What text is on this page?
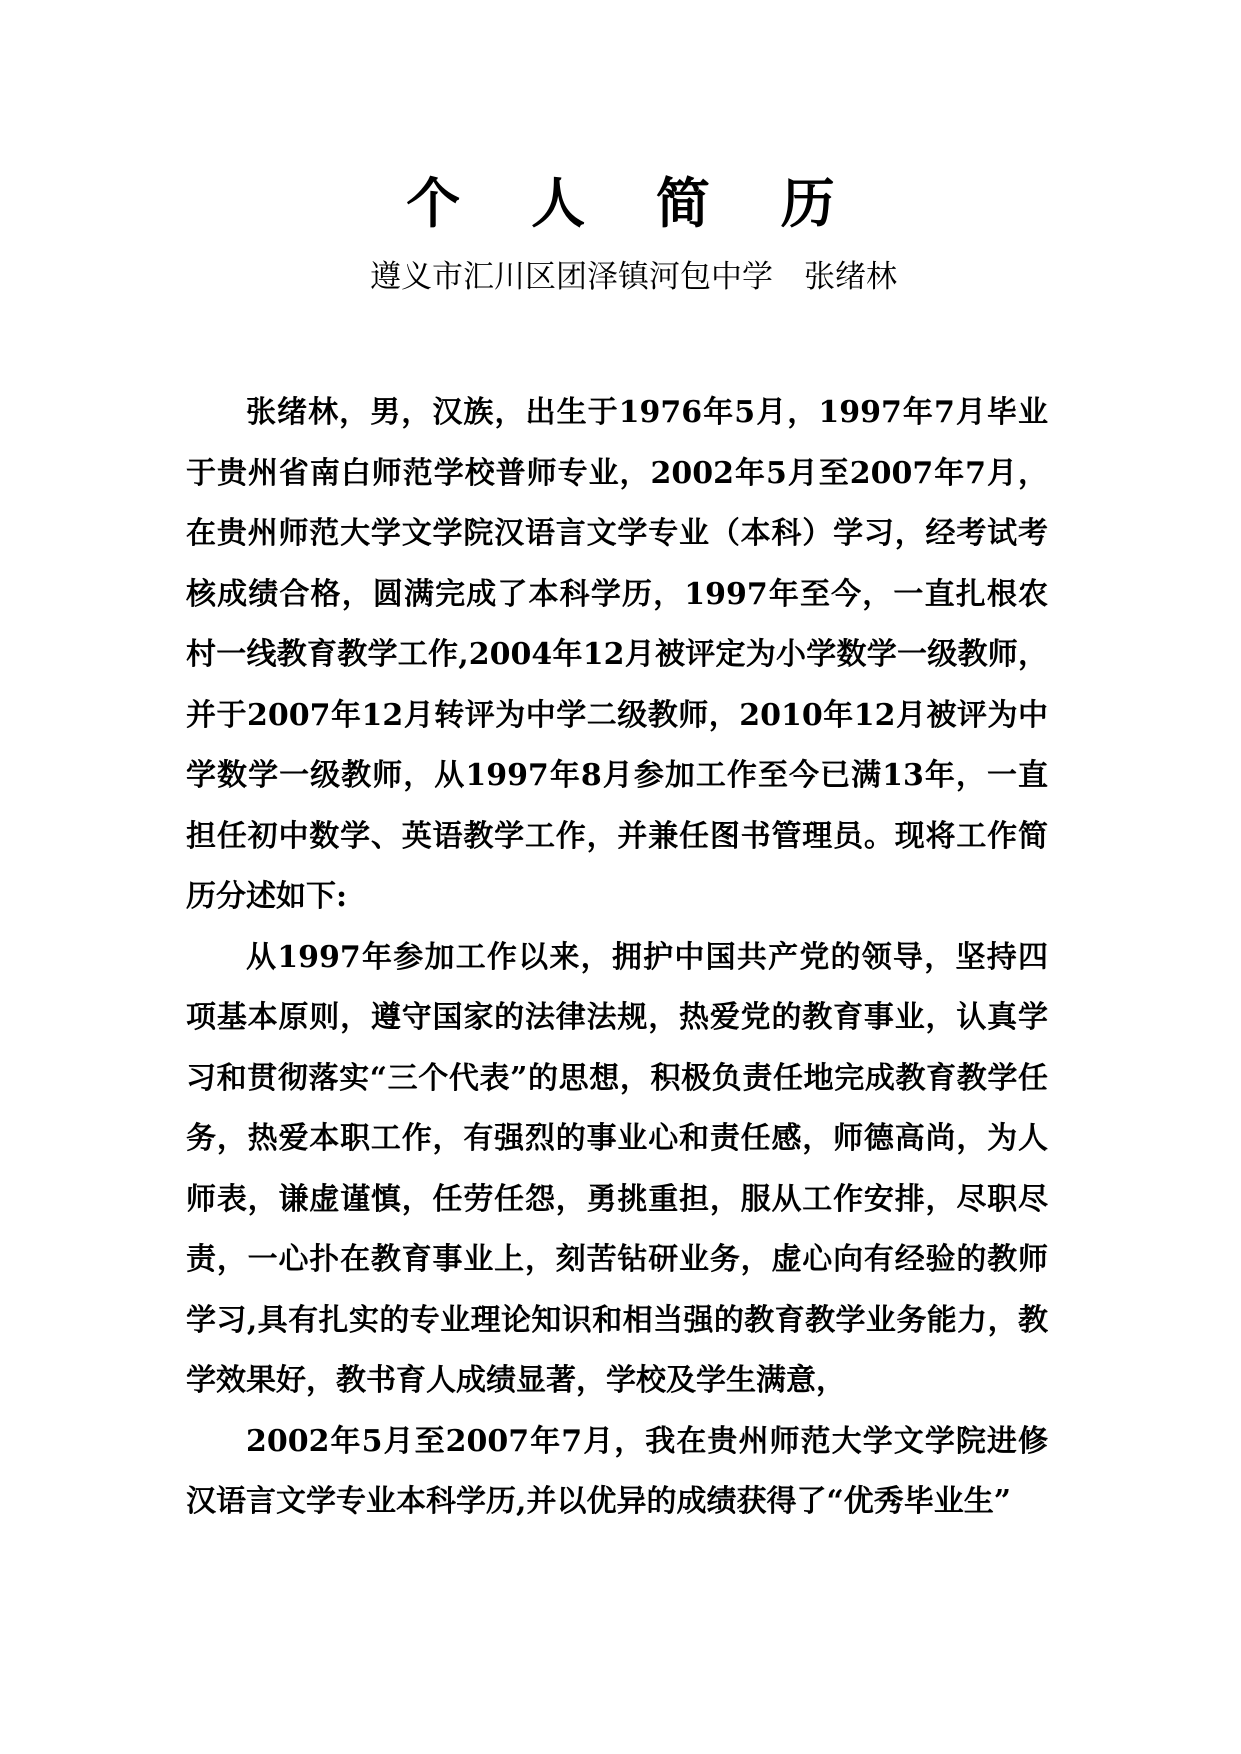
个 人 简 历
遵义市汇川区团泽镇河包中学　张绪林

张绪林，男，汉族，出生于1976年5月，1997年7月毕业于贵州省南白师范学校普师专业，2002年5月至2007年7月，在贵州师范大学文学院汉语言文学专业（本科）学习，经考试考核成绩合格，圆满完成了本科学历，1997年至今，一直扎根农村一线教育教学工作,2004年12月被评定为小学数学一级教师，并于2007年12月转评为中学二级教师，2010年12月被评为中学数学一级教师，从1997年8月参加工作至今已满13年，一直担任初中数学、英语教学工作，并兼任图书管理员。现将工作简历分述如下:

从1997年参加工作以来，拥护中国共产党的领导，坚持四项基本原则，遵守国家的法律法规，热爱党的教育事业，认真学习和贯彻落实“三个代表”的思想，积极负责任地完成教育教学任务，热爱本职工作，有强烈的事业心和责任感，师德高尚，为人师表，谦虚谨慎，任劳任怨，勇挑重担，服从工作安排，尽职尽责，一心扑在教育事业上，刻苦钻研业务，虚心向有经验的教师学习,具有扎实的专业理论知识和相当强的教育教学业务能力，教学效果好，教书育人成绩显著，学校及学生满意，

2002年5月至2007年7月，我在贵州师范大学文学院进修汉语言文学专业本科学历,并以优异的成绩获得了“优秀毕业生”
